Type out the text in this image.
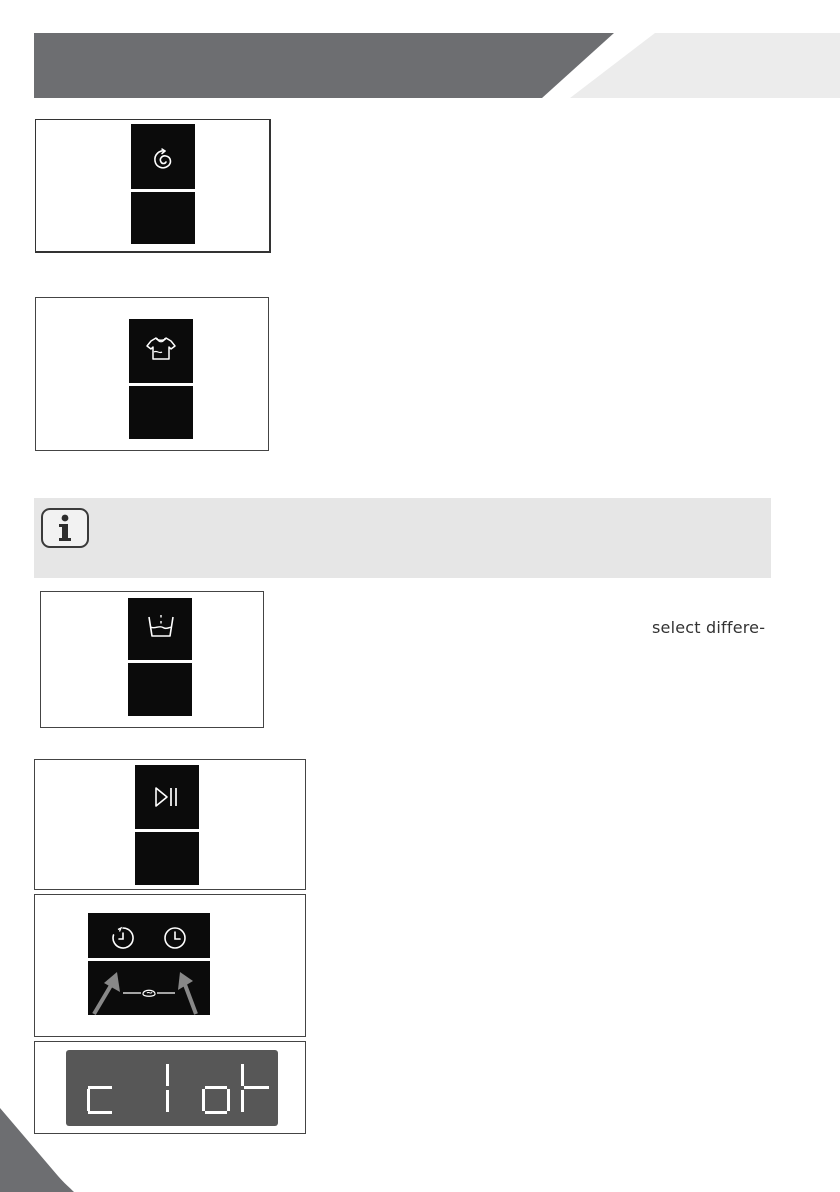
select differe-
